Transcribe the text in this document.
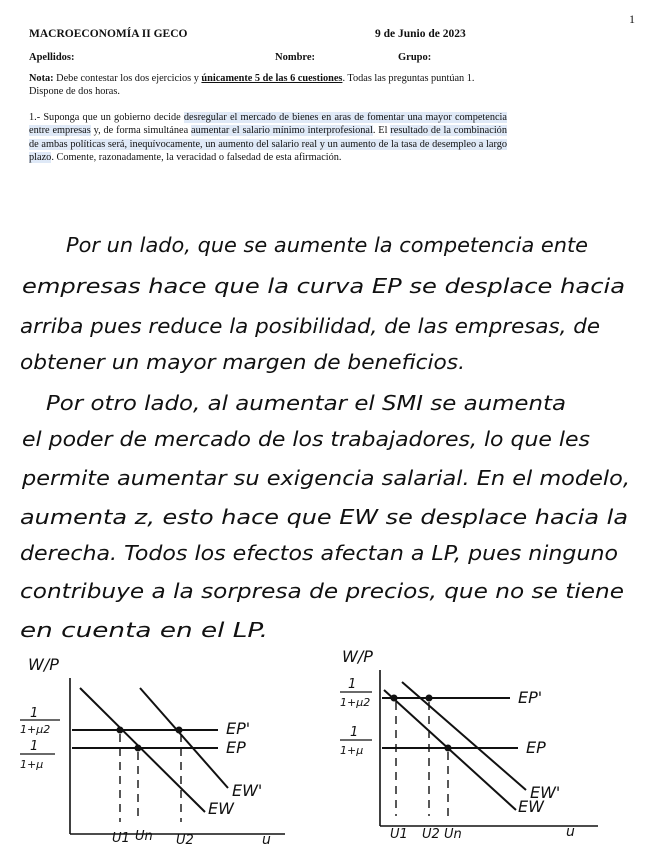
1
MACROECONOMÍA II GECO	9 de Junio de 2023
Apellidos:	Nombre:	Grupo:
Nota: Debe contestar los dos ejercicios y únicamente 5 de las 6 cuestiones. Todas las preguntas puntúan 1. Dispone de dos horas.
1.- Suponga que un gobierno decide desregular el mercado de bienes en aras de fomentar una mayor competencia entre empresas y, de forma simultánea aumentar el salario mínimo interprofesional. El resultado de la combinación de ambas políticas será, inequívocamente, un aumento del salario real y un aumento de la tasa de desempleo a largo plazo. Comente, razonadamente, la veracidad o falsedad de esta afirmación.
Por un lado, que se aumente la competencia ente
empresas hace que la curva EP se desplace hacia
arriba pues reduce la posibilidad, de las empresas, de
obtener un mayor margen de beneficios.
Por otro lado, al aumentar el SMI se aumenta
el poder de mercado de los trabajadores, lo que les
permite aumentar su exigencia salarial. En el modelo,
aumenta z, esto hace que EW se desplace hacia la
derecha. Todos los efectos afectan a LP, pues ninguno
contribuye a la sorpresa de precios, que no se tiene
en cuenta en el LP.
W/P
u
1
1+μ2
1
1+μ
EP'
EP
EW
EW'
U1 Un U2
W/P
u
1
1+μ2
1
1+μ
EP'
EP
EW
EW'
U1 U2 Un
